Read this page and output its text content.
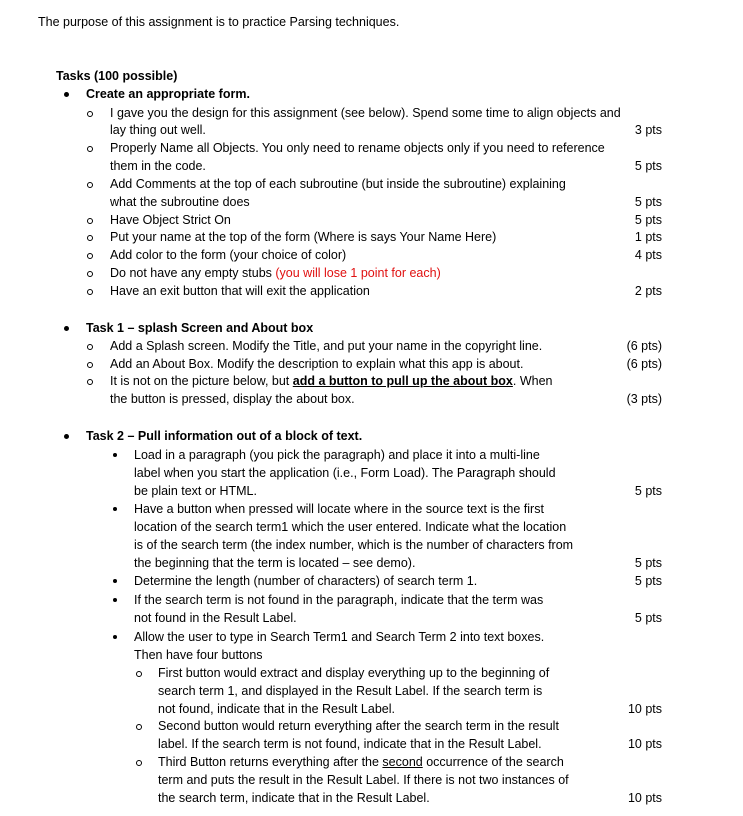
The purpose of this assignment is to practice Parsing techniques.
Tasks (100 possible)
Create an appropriate form.
I gave you the design for this assignment (see below). Spend some time to align objects and
lay thing out well.	3 pts
Properly Name all Objects. You only need to rename objects only if you need to reference
them in the code.	5 pts
Add Comments at the top of each subroutine (but inside the subroutine) explaining
what the subroutine does	5 pts
Have Object Strict On	5 pts
Put your name at the top of the form (Where is says Your Name Here)	1 pts
Add color to the form (your choice of color)	4 pts
Do not have any empty stubs (you will lose 1 point for each)
Have an exit button that will exit the application	2 pts
Task 1 – splash Screen and About box
Add a Splash screen. Modify the Title, and put your name in the copyright line.	(6 pts)
Add an About Box. Modify the description to explain what this app is about.	(6 pts)
It is not on the picture below, but add a button to pull up the about box. When
the button is pressed, display the about box.	(3 pts)
Task 2 – Pull information out of a block of text.
Load in a paragraph (you pick the paragraph) and place it into a multi-line
label when you start the application (i.e., Form Load). The Paragraph should
be plain text or HTML.	5 pts
Have a button when pressed will locate where in the source text is the first
location of the search term1 which the user entered. Indicate what the location
is of the search term (the index number, which is the number of characters from
the beginning that the term is located – see demo).	5 pts
Determine the length (number of characters) of search term 1.	5 pts
If the search term is not found in the paragraph, indicate that the term was
not found in the Result Label.	5 pts
Allow the user to type in Search Term1 and Search Term 2 into text boxes.
Then have four buttons
First button would extract and display everything up to the beginning of
search term 1, and displayed in the Result Label. If the search term is
not found, indicate that in the Result Label.	10 pts
Second button would return everything after the search term in the result
label. If the search term is not found, indicate that in the Result Label.	10 pts
Third Button returns everything after the second occurrence of the search
term and puts the result in the Result Label. If there is not two instances of
the search term, indicate that in the Result Label.	10 pts
